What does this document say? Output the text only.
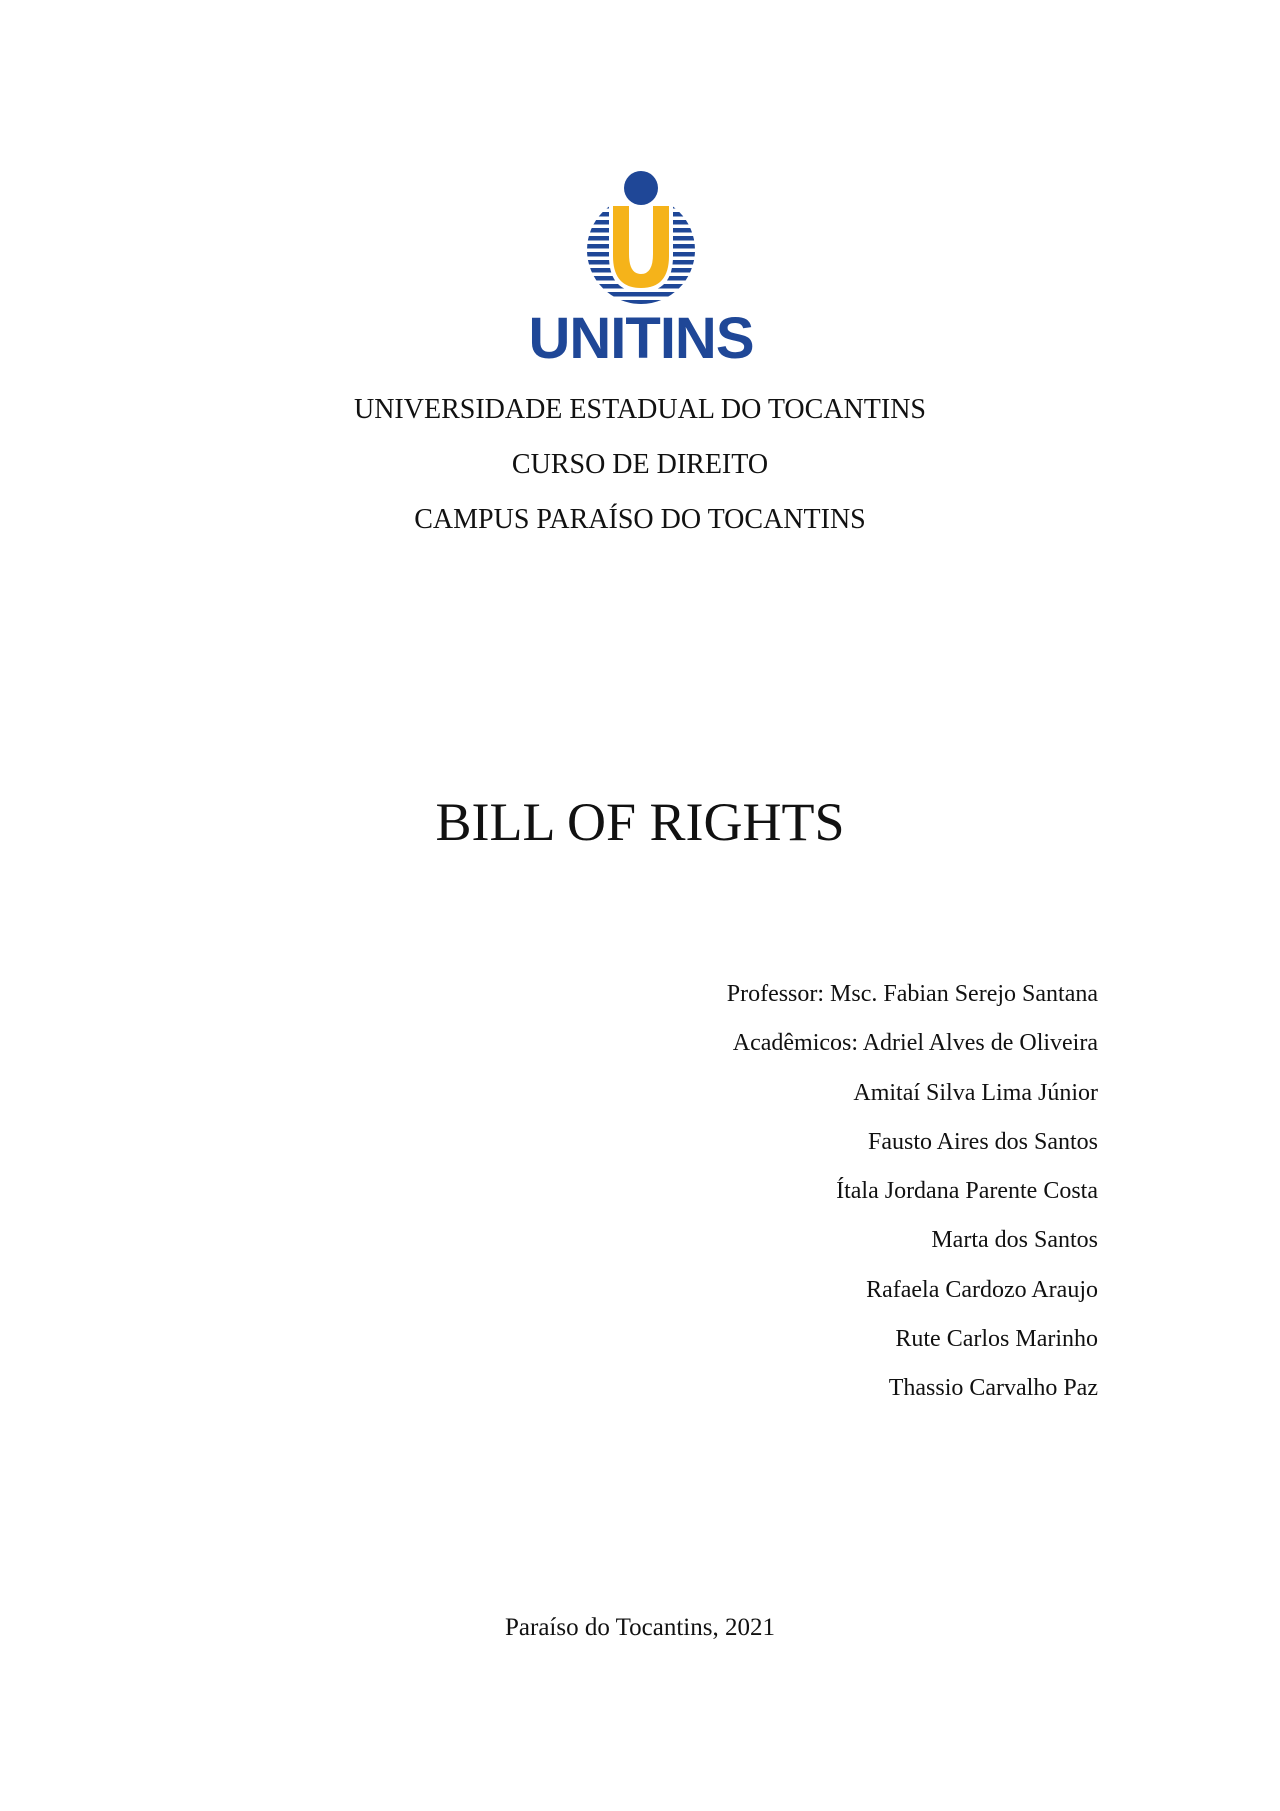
UNITINS
UNIVERSIDADE ESTADUAL DO TOCANTINS
CURSO DE DIREITO
CAMPUS PARAÍSO DO TOCANTINS
BILL OF RIGHTS
Professor: Msc. Fabian Serejo Santana
Acadêmicos: Adriel Alves de Oliveira
Amitaí Silva Lima Júnior
Fausto Aires dos Santos
Ítala Jordana Parente Costa
Marta dos Santos
Rafaela Cardozo Araujo
Rute Carlos Marinho
Thassio Carvalho Paz
Paraíso do Tocantins, 2021
